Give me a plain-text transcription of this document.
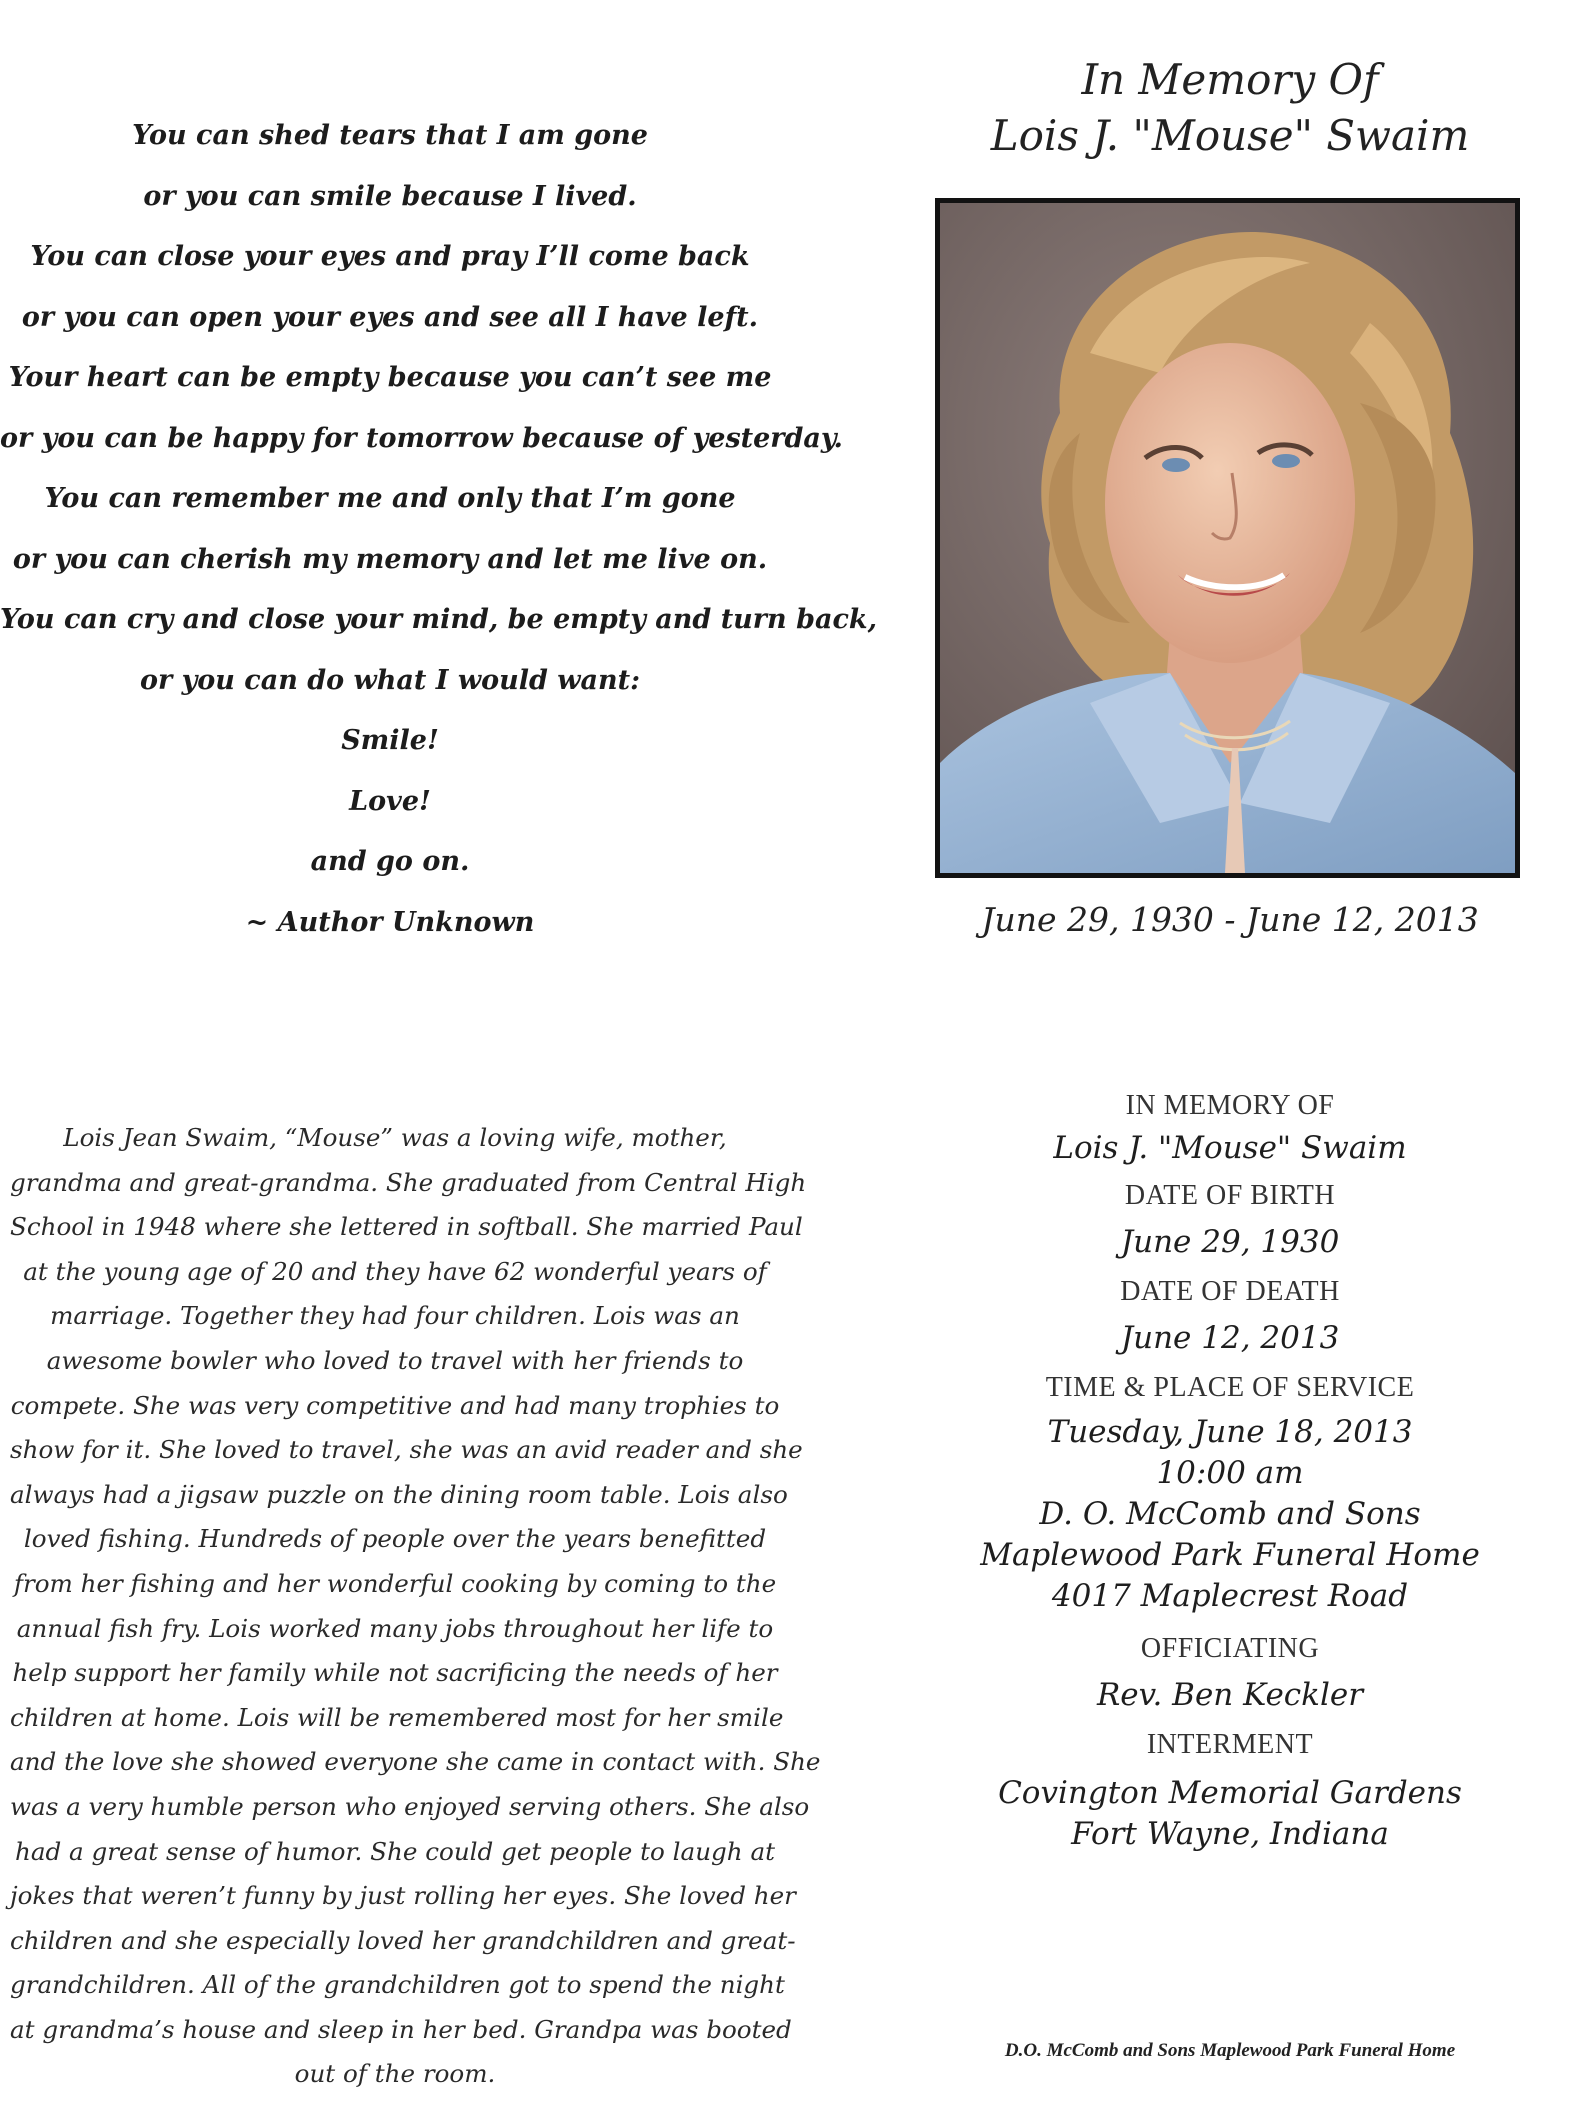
You can shed tears that I am gone
or you can smile because I lived.
You can close your eyes and pray I’ll come back
or you can open your eyes and see all I have left.
Your heart can be empty because you can’t see me
or you can be happy for tomorrow because of yesterday.
You can remember me and only that I’m gone
or you can cherish my memory and let me live on.
You can cry and close your mind, be empty and turn back,
or you can do what I would want:
Smile!
Love!
and go on.
~ Author Unknown
In Memory Of
Lois J. "Mouse" Swaim
June 29, 1930 - June 12, 2013
Lois Jean Swaim, “Mouse” was a loving wife, mother,
grandma and great-grandma. She graduated from Central High
School in 1948 where she lettered in softball. She married Paul
at the young age of 20 and they have 62 wonderful years of
marriage. Together they had four children. Lois was an
awesome bowler who loved to travel with her friends to
compete. She was very competitive and had many trophies to
show for it. She loved to travel, she was an avid reader and she
always had a jigsaw puzzle on the dining room table. Lois also
loved fishing. Hundreds of people over the years benefitted
from her fishing and her wonderful cooking by coming to the
annual fish fry. Lois worked many jobs throughout her life to
help support her family while not sacrificing the needs of her
children at home. Lois will be remembered most for her smile
and the love she showed everyone she came in contact with. She
was a very humble person who enjoyed serving others. She also
had a great sense of humor. She could get people to laugh at
jokes that weren’t funny by just rolling her eyes. She loved her
children and she especially loved her grandchildren and great-
grandchildren. All of the grandchildren got to spend the night
at grandma’s house and sleep in her bed. Grandpa was booted
out of the room.
IN MEMORY OF
Lois J. "Mouse" Swaim
DATE OF BIRTH
June 29, 1930
DATE OF DEATH
June 12, 2013
TIME & PLACE OF SERVICE
Tuesday, June 18, 2013
10:00 am
D. O. McComb and Sons
Maplewood Park Funeral Home
4017 Maplecrest Road
OFFICIATING
Rev. Ben Keckler
INTERMENT
Covington Memorial Gardens
Fort Wayne, Indiana
D.O. McComb and Sons Maplewood Park Funeral Home
